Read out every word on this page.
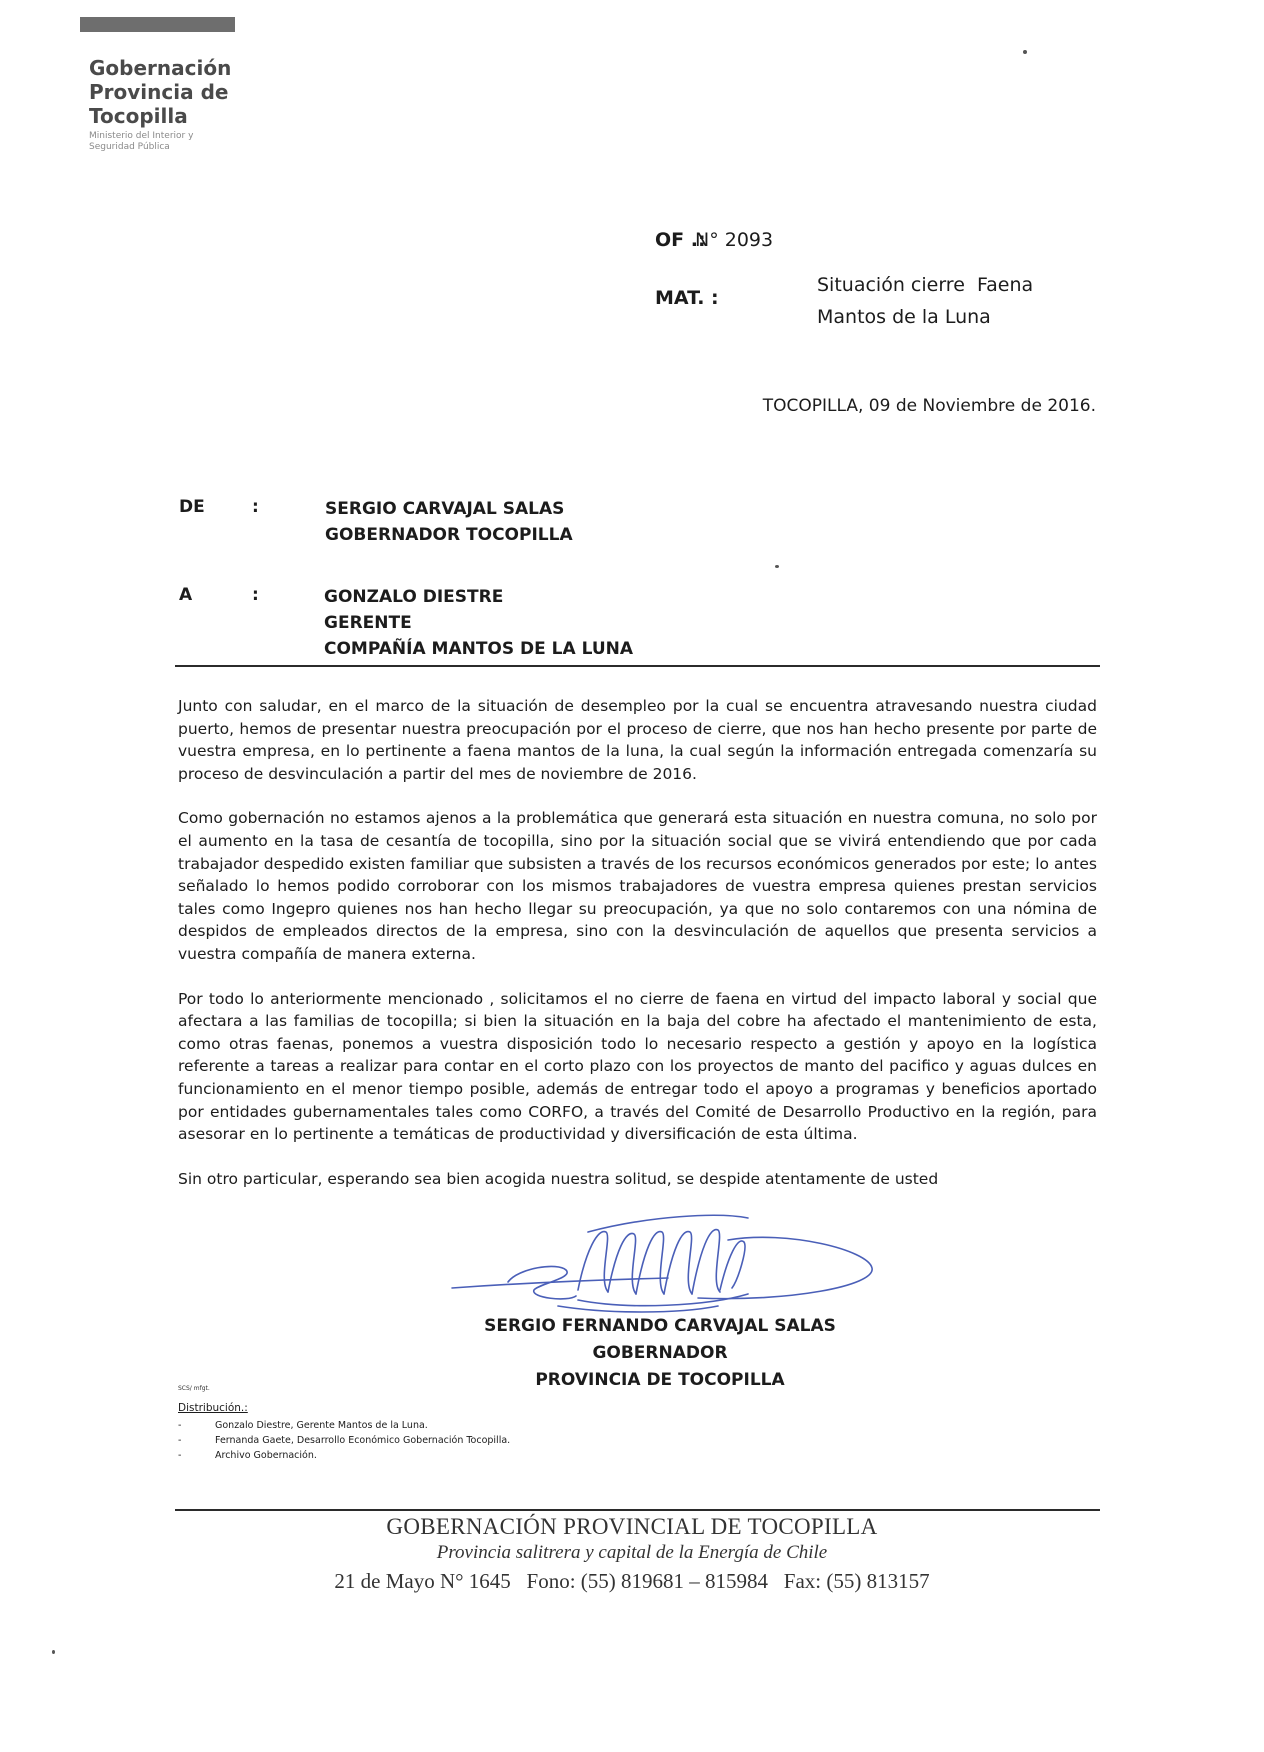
Gobernación
Provincia de
Tocopilla
Ministerio del Interior y
Seguridad Pública
OF .:
N° 2093
MAT. :
Situación cierre  Faena
Mantos de la Luna
TOCOPILLA, 09 de Noviembre de 2016.
DE	:	SERGIO CARVAJAL SALAS
GOBERNADOR TOCOPILLA
A	:	GONZALO DIESTRE
GERENTE
COMPAÑÍA MANTOS DE LA LUNA

Junto con saludar, en el marco de la situación de desempleo por la cual se encuentra atravesando nuestra ciudad puerto, hemos de presentar nuestra preocupación por el proceso de cierre, que nos han hecho presente por parte de vuestra empresa, en lo pertinente a faena mantos de la luna, la cual según la información entregada comenzaría su proceso de desvinculación a partir del mes de noviembre de 2016.

Como gobernación no estamos ajenos a la problemática que generará esta situación en nuestra comuna, no solo por el aumento en la tasa de cesantía de tocopilla, sino por la situación social que se vivirá entendiendo que por cada trabajador despedido existen familiar que subsisten a través de los recursos económicos generados por este; lo antes señalado lo hemos podido corroborar con los mismos trabajadores de vuestra empresa quienes prestan servicios tales como Ingepro quienes nos han hecho llegar su preocupación, ya que no solo contaremos con una nómina de despidos de empleados directos de la empresa, sino con la desvinculación de aquellos que presenta servicios a vuestra compañía de manera externa.

Por todo lo anteriormente mencionado , solicitamos el no cierre de faena en virtud del impacto laboral y social que afectara a las familias de tocopilla; si bien la situación en la baja del cobre ha afectado el mantenimiento de esta, como otras faenas, ponemos a vuestra disposición todo lo necesario respecto a gestión y apoyo en la logística referente a tareas a realizar para contar en el corto plazo con los proyectos de manto del pacifico y aguas dulces en funcionamiento en el menor tiempo posible, además de entregar todo el apoyo a programas y beneficios aportado por entidades gubernamentales tales como CORFO, a través del Comité de Desarrollo Productivo en la región, para asesorar en lo pertinente a temáticas de productividad y diversificación de esta última.

Sin otro particular, esperando sea bien acogida nuestra solitud, se despide atentamente de usted

SERGIO FERNANDO CARVAJAL SALAS
GOBERNADOR
PROVINCIA DE TOCOPILLA
SCS/ mfgt.
Distribución.:
-	Gonzalo Diestre, Gerente Mantos de la Luna.
-	Fernanda Gaete, Desarrollo Económico Gobernación Tocopilla.
-	Archivo Gobernación.
GOBERNACIÓN PROVINCIAL DE TOCOPILLA
Provincia salitrera y capital de la Energía de Chile
21 de Mayo N° 1645   Fono: (55) 819681 – 815984   Fax: (55) 813157
